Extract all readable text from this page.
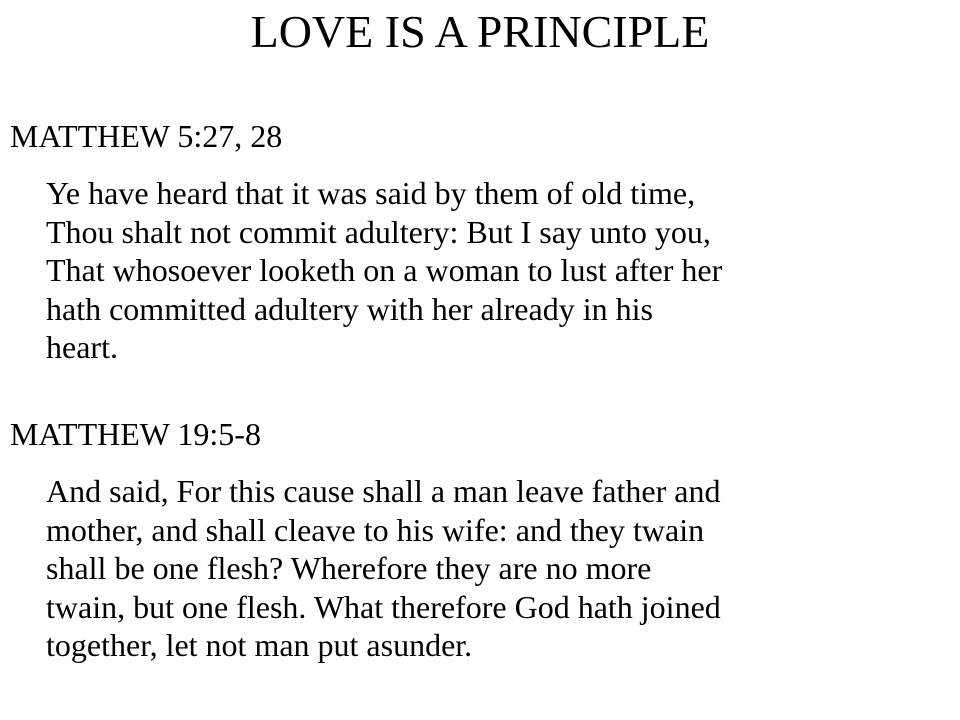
LOVE IS A PRINCIPLE

MATTHEW 5:27, 28

Ye have heard that it was said by them of old time,
Thou shalt not commit adultery: But I say unto you,
That whosoever looketh on a woman to lust after her
hath committed adultery with her already in his
heart.

MATTHEW 19:5-8

And said, For this cause shall a man leave father and
mother, and shall cleave to his wife: and they twain
shall be one flesh? Wherefore they are no more
twain, but one flesh. What therefore God hath joined
together, let not man put asunder.
